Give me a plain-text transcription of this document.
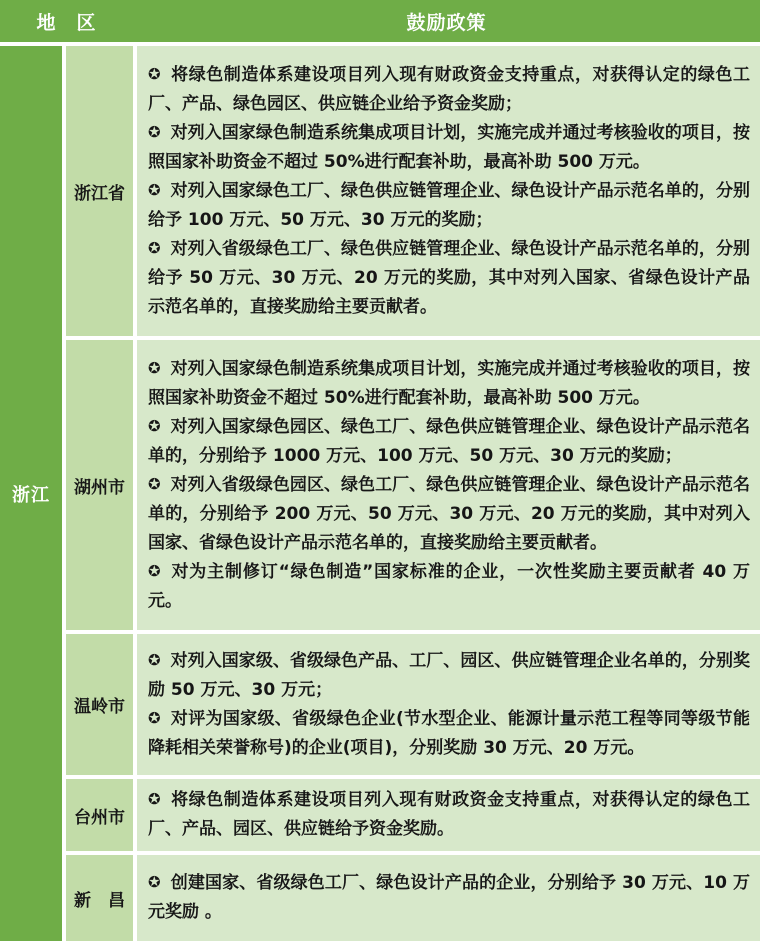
地　区	鼓励政策
浙江
浙江省

✪ 将绿色制造体系建设项目列入现有财政资金支持重点，对获得认定的绿色工厂、产品、绿色园区、供应链企业给予资金奖励；

✪ 对列入国家绿色制造系统集成项目计划，实施完成并通过考核验收的项目，按照国家补助资金不超过 50%进行配套补助，最高补助 500 万元。

✪ 对列入国家绿色工厂、绿色供应链管理企业、绿色设计产品示范名单的，分别给予 100 万元、50 万元、30 万元的奖励；

✪ 对列入省级绿色工厂、绿色供应链管理企业、绿色设计产品示范名单的，分别给予 50 万元、30 万元、20 万元的奖励，其中对列入国家、省绿色设计产品示范名单的，直接奖励给主要贡献者。

湖州市

✪ 对列入国家绿色制造系统集成项目计划，实施完成并通过考核验收的项目，按照国家补助资金不超过 50%进行配套补助，最高补助 500 万元。

✪ 对列入国家绿色园区、绿色工厂、绿色供应链管理企业、绿色设计产品示范名单的，分别给予 1000 万元、100 万元、50 万元、30 万元的奖励；

✪ 对列入省级绿色园区、绿色工厂、绿色供应链管理企业、绿色设计产品示范名单的，分别给予 200 万元、50 万元、30 万元、20 万元的奖励，其中对列入国家、省绿色设计产品示范名单的，直接奖励给主要贡献者。

✪ 对为主制修订“绿色制造”国家标准的企业，一次性奖励主要贡献者 40 万元。

温岭市

✪ 对列入国家级、省级绿色产品、工厂、园区、供应链管理企业名单的，分别奖励 50 万元、30 万元；

✪ 对评为国家级、省级绿色企业(节水型企业、能源计量示范工程等同等级节能降耗相关荣誉称号)的企业(项目)，分别奖励 30 万元、20 万元。

台州市

✪ 将绿色制造体系建设项目列入现有财政资金支持重点，对获得认定的绿色工厂、产品、园区、供应链给予资金奖励。

新　昌

✪ 创建国家、省级绿色工厂、绿色设计产品的企业，分别给予 30 万元、10 万元奖励 。
